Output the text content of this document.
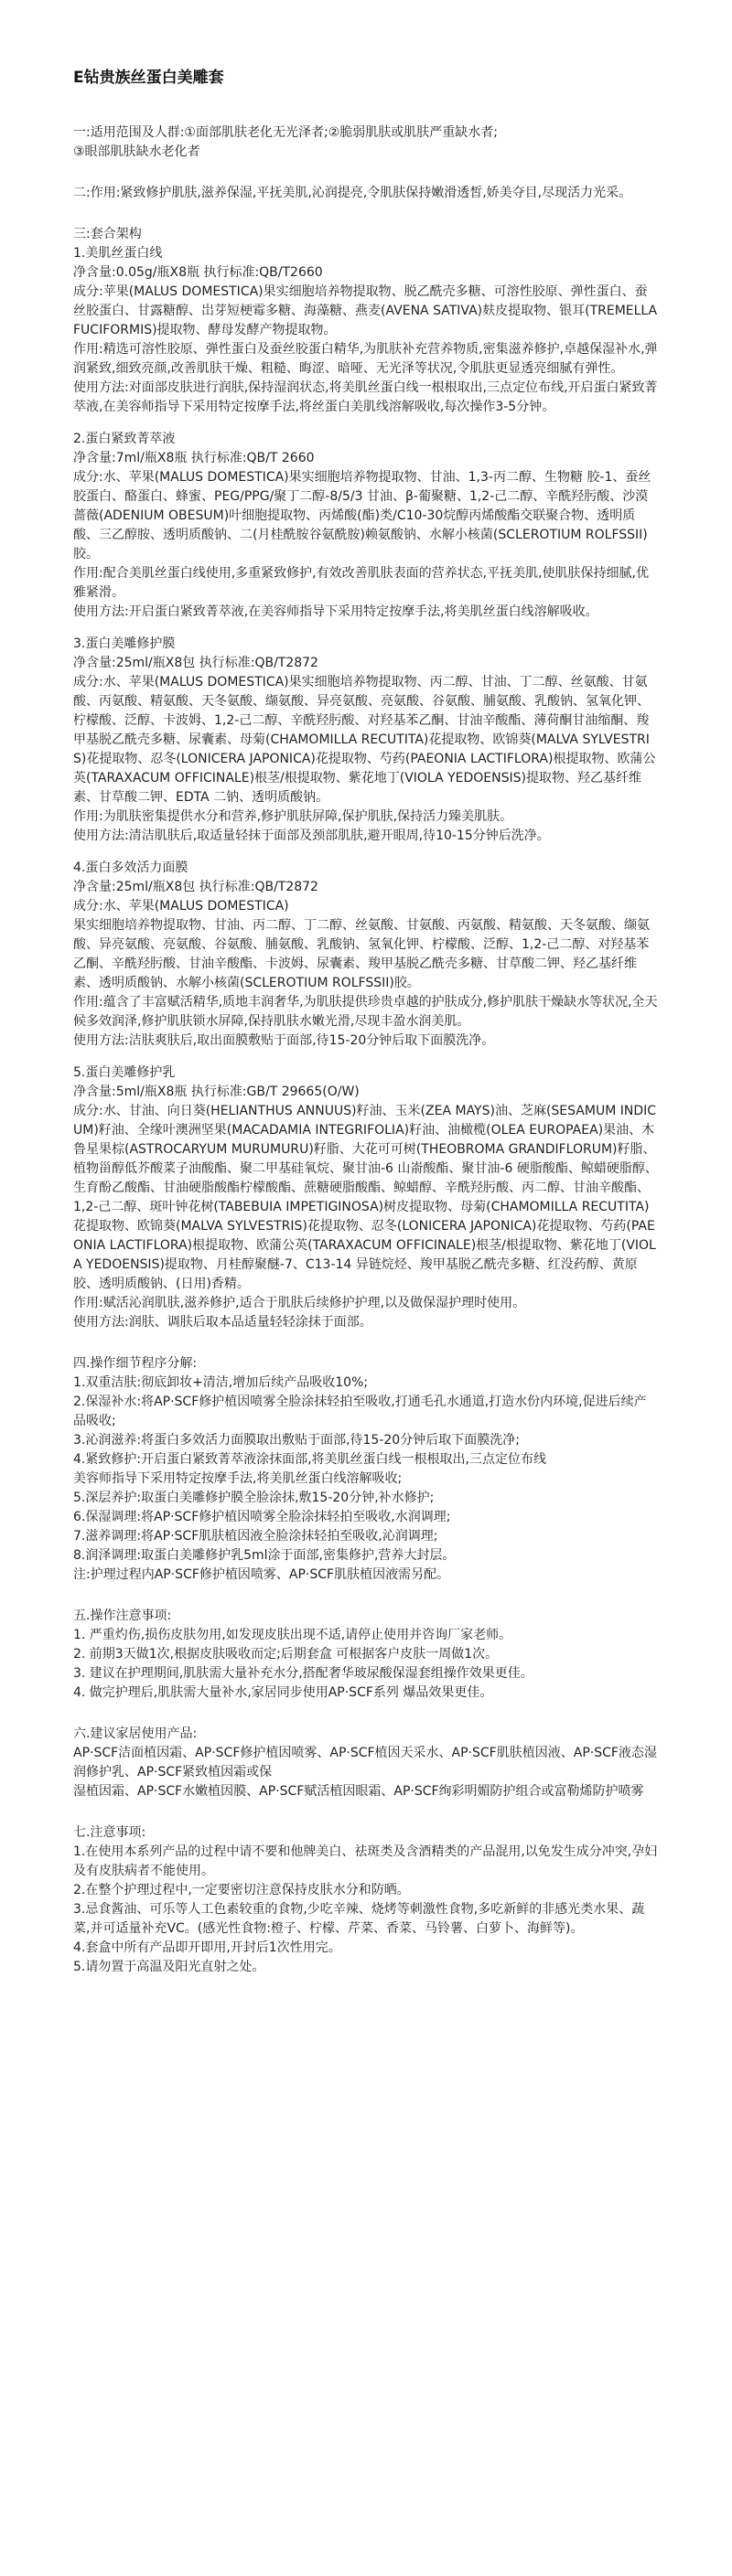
E钻贵族丝蛋白美雕套

一:适用范围及人群:①面部肌肤老化无光泽者;②脆弱肌肤或肌肤严重缺水者;

③眼部肌肤缺水老化者

二:作用:紧致修护肌肤,滋养保湿,平抚美肌,沁润提亮,令肌肤保持嫩滑透皙,娇美夺目,尽现活力光采。

三:套合架构

1.美肌丝蛋白线

净含量:0.05g/瓶X8瓶 执行标准:QB/T2660

成分:苹果(MALUS DOMESTICA)果实细胞培养物提取物、脱乙酰壳多糖、可溶性胶原、弹性蛋白、蚕丝胶蛋白、甘露糖醇、岀芽短梗霉多糖、海藻糖、燕麦(AVENA SATIVA)麸皮提取物、银耳(TREMELLA FUCIFORMIS)提取物、酵母发酵产物提取物。

作用:精选可溶性胶原、弹性蛋白及蚕丝胶蛋白精华,为肌肤补充营养物质,密集滋养修护,卓越保湿补水,弹润紧致,细致亮颜,改善肌肤干燥、粗糙、晦涩、暗哑、无光泽等状况,令肌肤更显透亮细腻有弹性。

使用方法:对面部皮肤进行润肤,保持湿润状态,将美肌丝蛋白线一根根取出,三点定位布线,开启蛋白紧致菁萃液,在美容师指导下采用特定按摩手法,将丝蛋白美肌线溶解吸收,每次操作3-5分钟。

2.蛋白紧致菁萃液

净含量:7ml/瓶X8瓶 执行标准:QB/T 2660

成分:水、苹果(MALUS DOMESTICA)果实细胞培养物提取物、甘油、1,3-丙二醇、生物糖 胶-1、蚕丝胶蛋白、酪蛋白、蜂蜜、PEG/PPG/聚丁二醇-8/5/3 甘油、β-葡聚糖、1,2-己二醇、辛酰羟肟酸、沙漠蔷薇(ADENIUM OBESUM)叶细胞提取物、丙烯酸(酯)类/C10-30烷醇丙烯酸酯交联聚合物、透明质酸、三乙醇胺、透明质酸钠、二(月桂酰胺谷氨酰胺)赖氨酸钠、水解小核菌(SCLEROTIUM ROLFSSII)胶。

作用:配合美肌丝蛋白线使用,多重紧致修护,有效改善肌肤表面的营养状态,平抚美肌,使肌肤保持细腻,优雅紧滑。

使用方法:开启蛋白紧致菁萃液,在美容师指导下采用特定按摩手法,将美肌丝蛋白线溶解吸收。

3.蛋白美雕修护膜

净含量:25ml/瓶X8包 执行标准:QB/T2872

成分:水、苹果(MALUS DOMESTICA)果实细胞培养物提取物、丙二醇、甘油、丁二醇、丝氨酸、甘氨酸、丙氨酸、精氨酸、天冬氨酸、缬氨酸、异亮氨酸、亮氨酸、谷氨酸、脯氨酸、乳酸钠、氢氧化钾、柠檬酸、泛醇、卡波姆、1,2-己二醇、辛酰羟肟酸、对羟基苯乙酮、甘油辛酸酯、薄荷酮甘油缩酮、羧甲基脱乙酰壳多糖、尿囊素、母菊(CHAMOMILLA RECUTITA)花提取物、欧锦葵(MALVA SYLVESTRIS)花提取物、忍冬(LONICERA JAPONICA)花提取物、芍药(PAEONIA LACTIFLORA)根提取物、欧蒲公英(TARAXACUM OFFICINALE)根茎/根提取物、紫花地丁(VIOLA YEDOENSIS)提取物、羟乙基纤维素、甘草酸二钾、EDTA 二钠、透明质酸钠。

作用:为肌肤密集提供水分和营养,修护肌肤屏障,保护肌肤,保持活力臻美肌肤。

使用方法:清洁肌肤后,取适量轻抹于面部及颈部肌肤,避开眼周,待10-15分钟后洗净。

4.蛋白多效活力面膜

净含量:25ml/瓶X8包 执行标准:QB/T2872

成分:水、苹果(MALUS DOMESTICA)

果实细胞培养物提取物、甘油、丙二醇、丁二醇、丝氨酸、甘氨酸、丙氨酸、精氨酸、天冬氨酸、缬氨酸、异亮氨酸、亮氨酸、谷氨酸、脯氨酸、乳酸钠、氢氧化钾、柠檬酸、泛醇、1,2-己二醇、对羟基苯乙酮、辛酰羟肟酸、甘油辛酸酯、卡波姆、尿囊素、羧甲基脱乙酰壳多糖、甘草酸二钾、羟乙基纤维素、透明质酸钠、水解小核菌(SCLEROTIUM ROLFSSII)胶。

作用:蕴含了丰富赋活精华,质地丰润奢华,为肌肤提供珍贵卓越的护肤成分,修护肌肤干燥缺水等状况,全天候多效润泽,修护肌肤锁水屏障,保持肌肤水嫩光滑,尽现丰盈水润美肌。

使用方法:洁肤爽肤后,取出面膜敷贴于面部,待15-20分钟后取下面膜洗净。

5.蛋白美雕修护乳

净含量:5ml/瓶X8瓶 执行标准:GB/T 29665(O/W)

成分:水、甘油、向日葵(HELIANTHUS ANNUUS)籽油、玉米(ZEA MAYS)油、芝麻(SESAMUM INDICUM)籽油、全缘叶澳洲坚果(MACADAMIA INTEGRIFOLIA)籽油、油橄榄(OLEA EUROPAEA)果油、木鲁星果棕(ASTROCARYUM MURUMURU)籽脂、大花可可树(THEOBROMA GRANDIFLORUM)籽脂、植物甾醇低芥酸菜子油酸酯、聚二甲基硅氧烷、聚甘油-6 山嵛酸酯、聚甘油-6 硬脂酸酯、鲸蜡硬脂醇、生育酚乙酸酯、甘油硬脂酸酯柠檬酸酯、蔗糖硬脂酸酯、鲸蜡醇、辛酰羟肟酸、丙二醇、甘油辛酸酯、1,2-己二醇、斑叶钟花树(TABEBUIA IMPETIGINOSA)树皮提取物、母菊(CHAMOMILLA RECUTITA)花提取物、欧锦葵(MALVA SYLVESTRIS)花提取物、忍冬(LONICERA JAPONICA)花提取物、芍药(PAEONIA LACTIFLORA)根提取物、欧蒲公英(TARAXACUM OFFICINALE)根茎/根提取物、紫花地丁(VIOLA YEDOENSIS)提取物、月桂醇聚醚-7、C13-14 异链烷烃、羧甲基脱乙酰壳多糖、红没药醇、黄原胶、透明质酸钠、(日用)香精。

作用:赋活沁润肌肤,滋养修护,适合于肌肤后续修护护理,以及做保湿护理时使用。

使用方法:润肤、调肤后取本品适量轻轻涂抹于面部。

四.操作细节程序分解:

1.双重洁肤:彻底卸妆+清洁,增加后续产品吸收10%;

2.保湿补水:将AP·SCF修护植因喷雾全脸涂抹轻拍至吸收,打通毛孔水通道,打造水份内环境,促进后续产品吸收;

3.沁润滋养:将蛋白多效活力面膜取出敷贴于面部,待15-20分钟后取下面膜洗净;

4.紧致修护:开启蛋白紧致菁萃液涂抹面部,将美肌丝蛋白线一根根取出,三点定位布线

美容师指导下采用特定按摩手法,将美肌丝蛋白线溶解吸收;

5.深层养护:取蛋白美雕修护膜全脸涂抹,敷15-20分钟,补水修护;

6.保湿调理:将AP·SCF修护植因喷雾全脸涂抹轻拍至吸收,水润调理;

7.滋养调理:将AP·SCF肌肤植因液全脸涂抹轻拍至吸收,沁润调理;

8.润泽调理:取蛋白美雕修护乳5ml涂于面部,密集修护,营养大封层。

注:护理过程内AP·SCF修护植因喷雾、AP·SCF肌肤植因液需另配。

五.操作注意事项:

1. 严重灼伤,损伤皮肤勿用,如发现皮肤出现不适,请停止使用并咨询厂家老师。

2. 前期3天做1次,根据皮肤吸收而定;后期套盒 可根据客户皮肤一周做1次。

3. 建议在护理期间,肌肤需大量补充水分,搭配奢华玻尿酸保湿套组操作效果更佳。

4. 做完护理后,肌肤需大量补水,家居同步使用AP·SCF系列 爆品效果更佳。

六.建议家居使用产品:

AP·SCF洁面植因霜、AP·SCF修护植因喷雾、AP·SCF植因天采水、AP·SCF肌肤植因液、AP·SCF液态湿润修护乳、AP·SCF紧致植因霜或保

湿植因霜、AP·SCF水嫩植因膜、AP·SCF赋活植因眼霜、AP·SCF绚彩明媚防护组合或富勒烯防护喷雾

七.注意事项:

1.在使用本系列产品的过程中请不要和他牌美白、祛斑类及含酒精类的产品混用,以免发生成分冲突,孕妇及有皮肤病者不能使用。

2.在整个护理过程中,一定要密切注意保持皮肤水分和防晒。

3.忌食酱油、可乐等人工色素较重的食物,少吃辛辣、烧烤等刺激性食物,多吃新鲜的非感光类水果、蔬菜,并可适量补充VC。(感光性食物:橙子、柠檬、芹菜、香菜、马铃薯、白萝卜、海鲜等)。

4.套盒中所有产品即开即用,开封后1次性用完。

5.请勿置于高温及阳光直射之处。
